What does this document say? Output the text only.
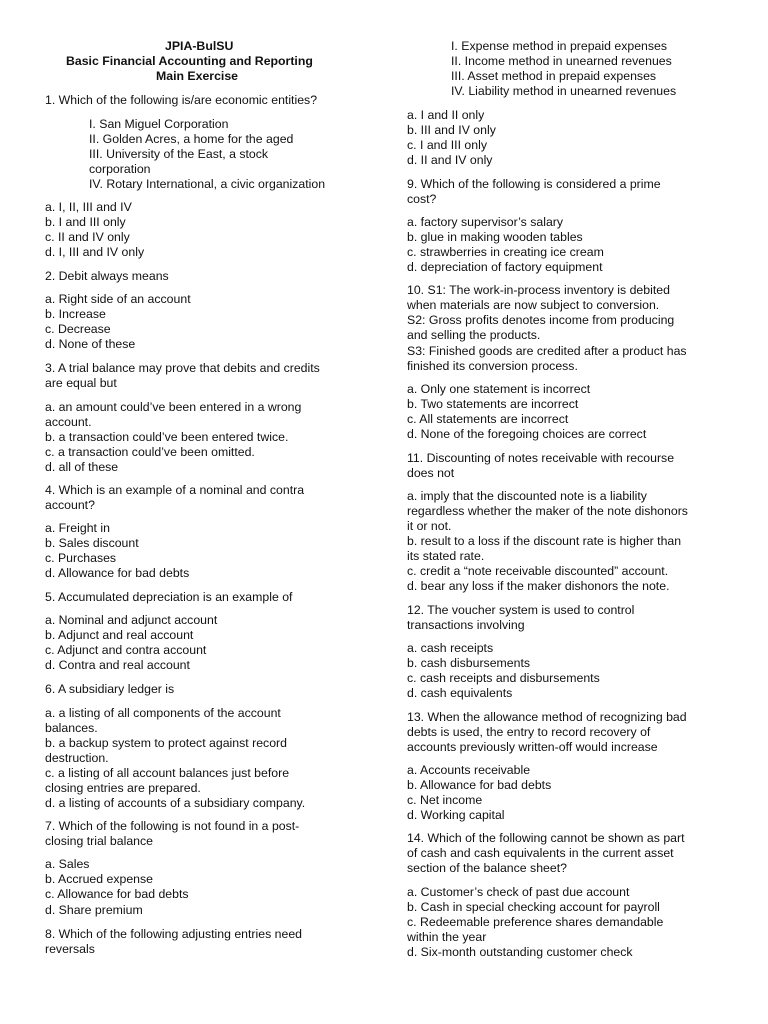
JPIA-BulSU
Basic Financial Accounting and Reporting
Main Exercise
1. Which of the following is/are economic entities?
I. San Miguel Corporation
II. Golden Acres, a home for the aged
III. University of the East, a stock
corporation
IV. Rotary International, a civic organization
a. I, II, III and IV
b. I and III only
c. II and IV only
d. I, III and IV only
2. Debit always means
a. Right side of an account
b. Increase
c. Decrease
d. None of these
3. A trial balance may prove that debits and credits
are equal but
a. an amount could’ve been entered in a wrong
account.
b. a transaction could’ve been entered twice.
c. a transaction could’ve been omitted.
d. all of these
4. Which is an example of a nominal and contra
account?
a. Freight in
b. Sales discount
c. Purchases
d. Allowance for bad debts
5. Accumulated depreciation is an example of
a. Nominal and adjunct account
b. Adjunct and real account
c. Adjunct and contra account
d. Contra and real account
6. A subsidiary ledger is
a. a listing of all components of the account
balances.
b. a backup system to protect against record
destruction.
c. a listing of all account balances just before
closing entries are prepared.
d. a listing of accounts of a subsidiary company.
7. Which of the following is not found in a post-
closing trial balance
a. Sales
b. Accrued expense
c. Allowance for bad debts
d. Share premium
8. Which of the following adjusting entries need
reversals
I. Expense method in prepaid expenses
II. Income method in unearned revenues
III. Asset method in prepaid expenses
IV. Liability method in unearned revenues
a. I and II only
b. III and IV only
c. I and III only
d. II and IV only
9. Which of the following is considered a prime
cost?
a. factory supervisor’s salary
b. glue in making wooden tables
c. strawberries in creating ice cream
d. depreciation of factory equipment
10. S1: The work-in-process inventory is debited
when materials are now subject to conversion.
S2: Gross profits denotes income from producing
and selling the products.
S3: Finished goods are credited after a product has
finished its conversion process.
a. Only one statement is incorrect
b. Two statements are incorrect
c. All statements are incorrect
d. None of the foregoing choices are correct
11. Discounting of notes receivable with recourse
does not
a. imply that the discounted note is a liability
regardless whether the maker of the note dishonors
it or not.
b. result to a loss if the discount rate is higher than
its stated rate.
c. credit a “note receivable discounted” account.
d. bear any loss if the maker dishonors the note.
12. The voucher system is used to control
transactions involving
a. cash receipts
b. cash disbursements
c. cash receipts and disbursements
d. cash equivalents
13. When the allowance method of recognizing bad
debts is used, the entry to record recovery of
accounts previously written-off would increase
a. Accounts receivable
b. Allowance for bad debts
c. Net income
d. Working capital
14. Which of the following cannot be shown as part
of cash and cash equivalents in the current asset
section of the balance sheet?
a. Customer’s check of past due account
b. Cash in special checking account for payroll
c. Redeemable preference shares demandable
within the year
d. Six-month outstanding customer check
